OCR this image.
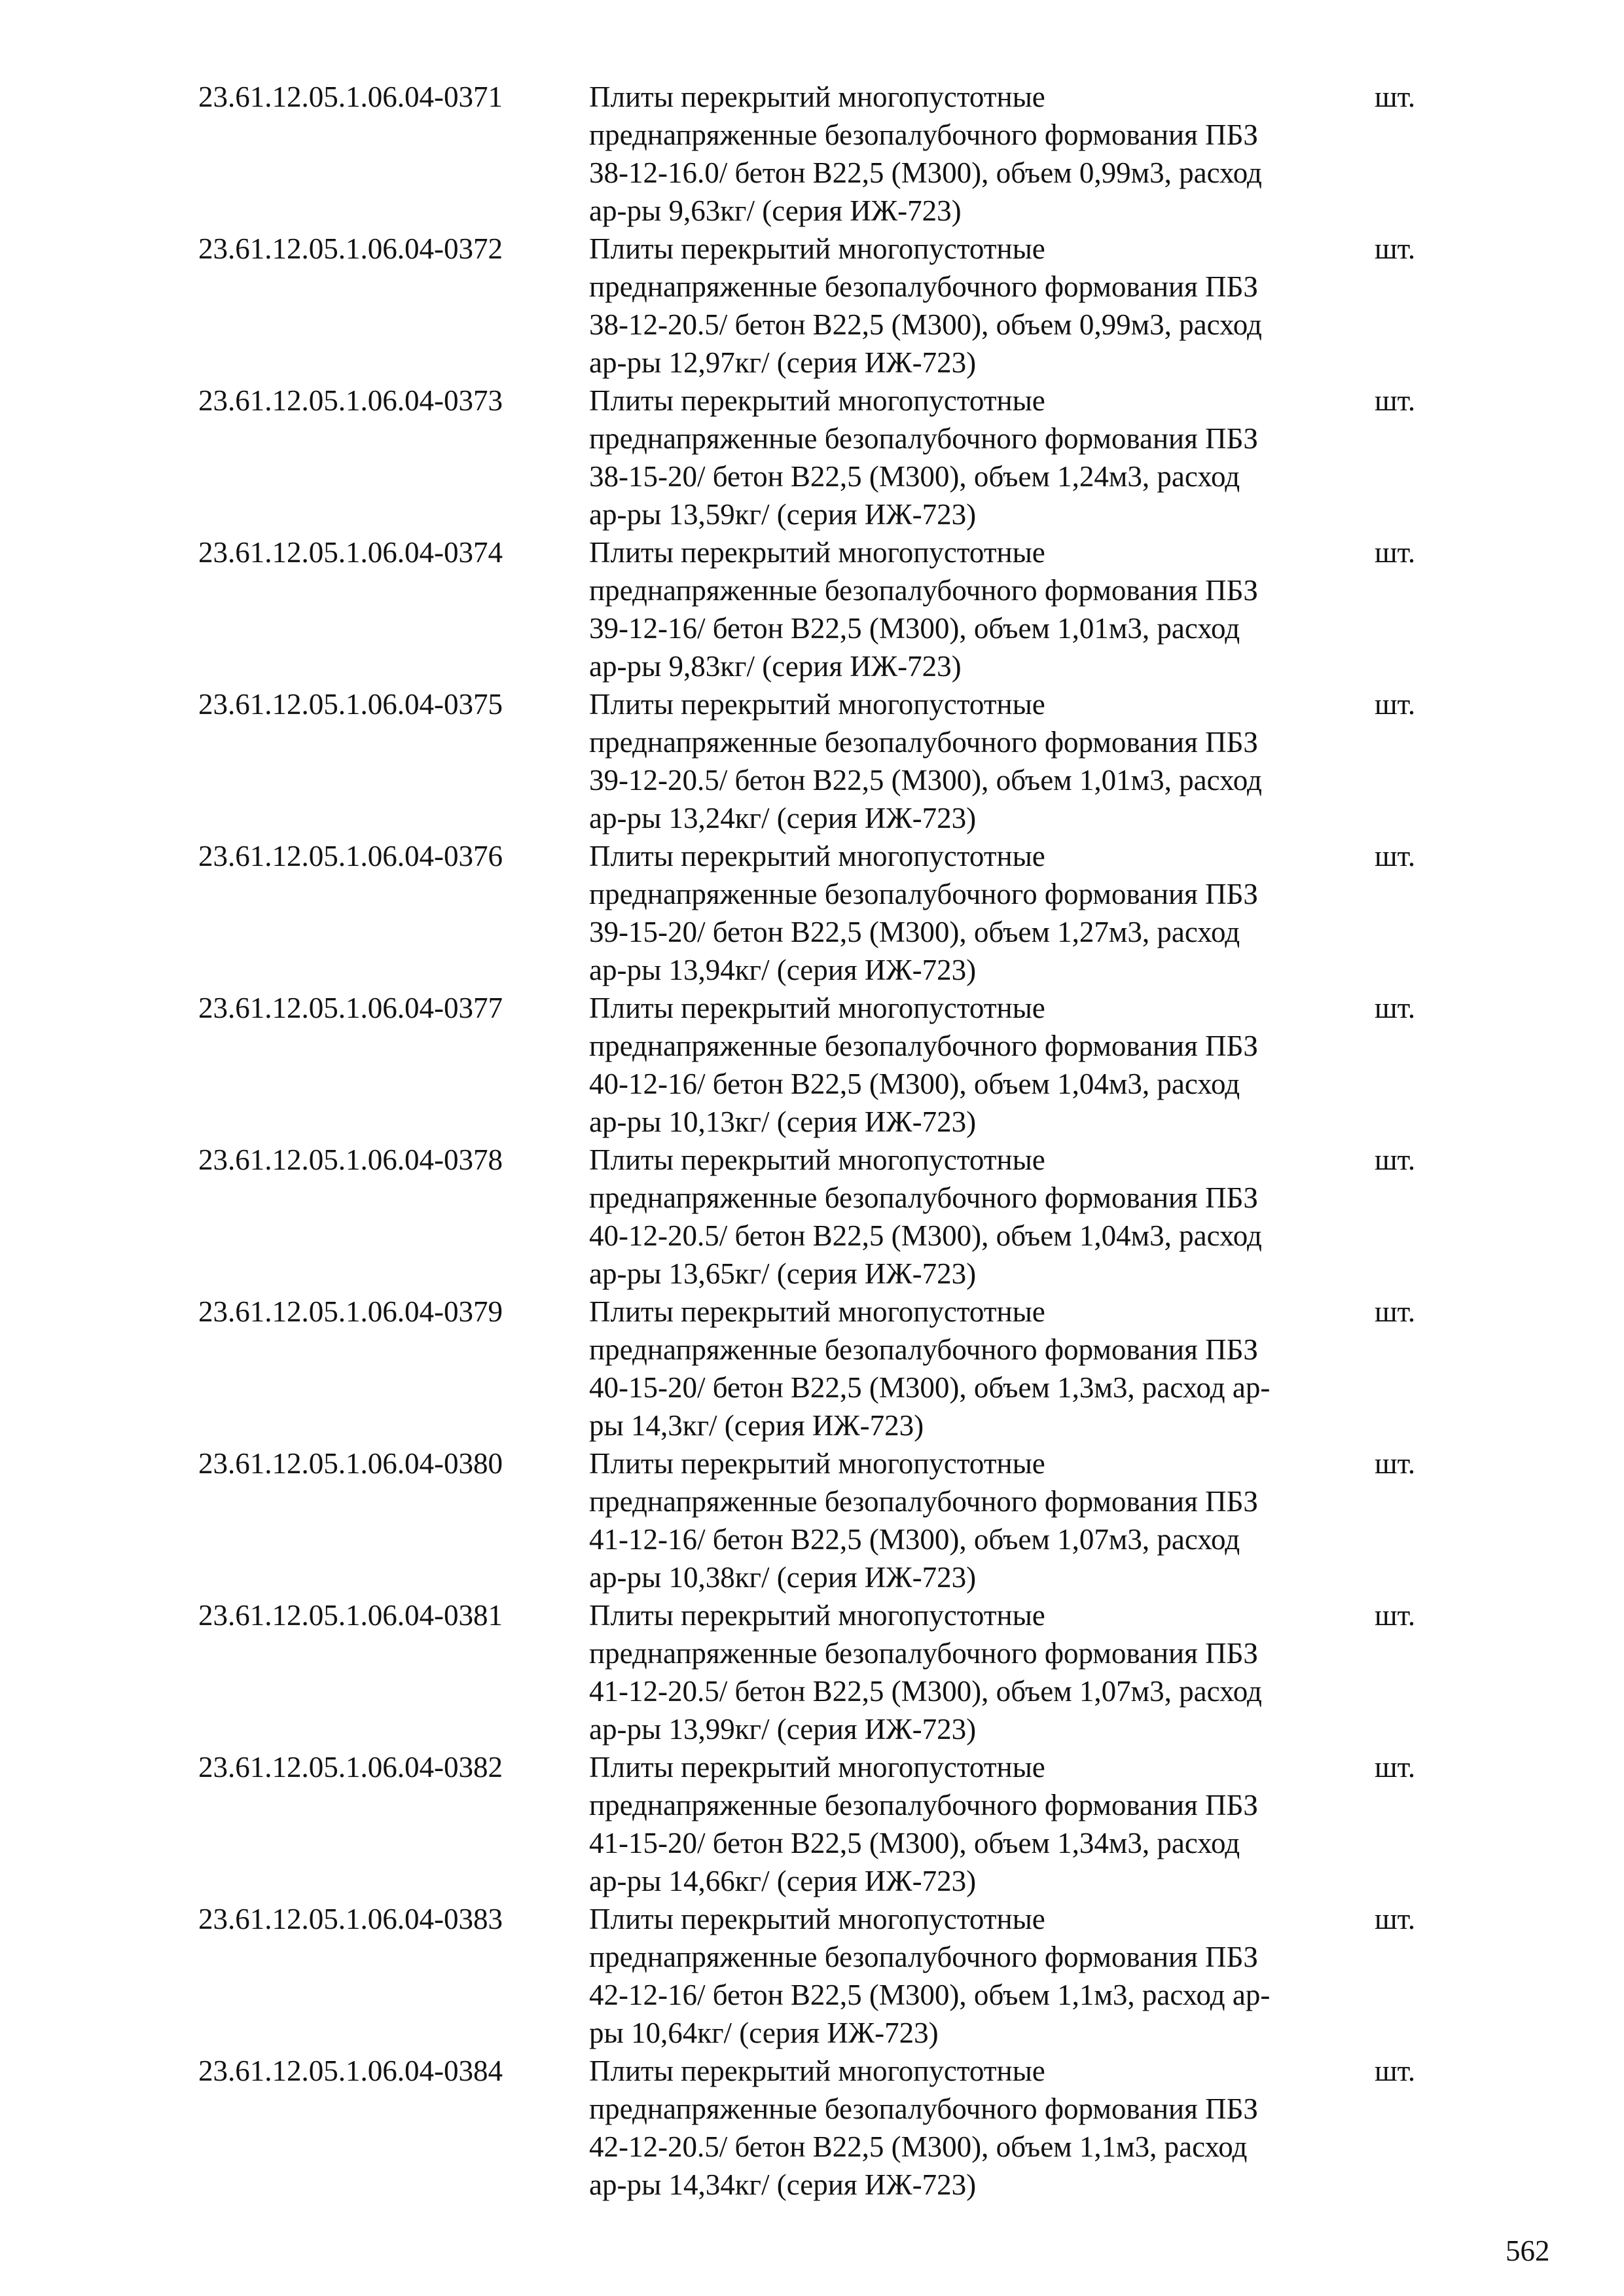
23.61.12.05.1.06.04-0371	Плиты перекрытий многопустотные
преднапряженные безопалубочного формования ПБЗ
38-12-16.0/ бетон В22,5 (М300), объем 0,99м3, расход
ар-ры 9,63кг/ (серия ИЖ-723)
шт.
23.61.12.05.1.06.04-0372	Плиты перекрытий многопустотные
преднапряженные безопалубочного формования ПБЗ
38-12-20.5/ бетон В22,5 (М300), объем 0,99м3, расход
ар-ры 12,97кг/ (серия ИЖ-723)
шт.
23.61.12.05.1.06.04-0373	Плиты перекрытий многопустотные
преднапряженные безопалубочного формования ПБЗ
38-15-20/ бетон В22,5 (М300), объем 1,24м3, расход
ар-ры 13,59кг/ (серия ИЖ-723)
шт.
23.61.12.05.1.06.04-0374	Плиты перекрытий многопустотные
преднапряженные безопалубочного формования ПБЗ
39-12-16/ бетон В22,5 (М300), объем 1,01м3, расход
ар-ры 9,83кг/ (серия ИЖ-723)
шт.
23.61.12.05.1.06.04-0375	Плиты перекрытий многопустотные
преднапряженные безопалубочного формования ПБЗ
39-12-20.5/ бетон В22,5 (М300), объем 1,01м3, расход
ар-ры 13,24кг/ (серия ИЖ-723)
шт.
23.61.12.05.1.06.04-0376	Плиты перекрытий многопустотные
преднапряженные безопалубочного формования ПБЗ
39-15-20/ бетон В22,5 (М300), объем 1,27м3, расход
ар-ры 13,94кг/ (серия ИЖ-723)
шт.
23.61.12.05.1.06.04-0377	Плиты перекрытий многопустотные
преднапряженные безопалубочного формования ПБЗ
40-12-16/ бетон В22,5 (М300), объем 1,04м3, расход
ар-ры 10,13кг/ (серия ИЖ-723)
шт.
23.61.12.05.1.06.04-0378	Плиты перекрытий многопустотные
преднапряженные безопалубочного формования ПБЗ
40-12-20.5/ бетон В22,5 (М300), объем 1,04м3, расход
ар-ры 13,65кг/ (серия ИЖ-723)
шт.
23.61.12.05.1.06.04-0379	Плиты перекрытий многопустотные
преднапряженные безопалубочного формования ПБЗ
40-15-20/ бетон В22,5 (М300), объем 1,3м3, расход ар-
ры 14,3кг/ (серия ИЖ-723)
шт.
23.61.12.05.1.06.04-0380	Плиты перекрытий многопустотные
преднапряженные безопалубочного формования ПБЗ
41-12-16/ бетон В22,5 (М300), объем 1,07м3, расход
ар-ры 10,38кг/ (серия ИЖ-723)
шт.
23.61.12.05.1.06.04-0381	Плиты перекрытий многопустотные
преднапряженные безопалубочного формования ПБЗ
41-12-20.5/ бетон В22,5 (М300), объем 1,07м3, расход
ар-ры 13,99кг/ (серия ИЖ-723)
шт.
23.61.12.05.1.06.04-0382	Плиты перекрытий многопустотные
преднапряженные безопалубочного формования ПБЗ
41-15-20/ бетон В22,5 (М300), объем 1,34м3, расход
ар-ры 14,66кг/ (серия ИЖ-723)
шт.
23.61.12.05.1.06.04-0383	Плиты перекрытий многопустотные
преднапряженные безопалубочного формования ПБЗ
42-12-16/ бетон В22,5 (М300), объем 1,1м3, расход ар-
ры 10,64кг/ (серия ИЖ-723)
шт.
23.61.12.05.1.06.04-0384	Плиты перекрытий многопустотные
преднапряженные безопалубочного формования ПБЗ
42-12-20.5/ бетон В22,5 (М300), объем 1,1м3, расход
ар-ры 14,34кг/ (серия ИЖ-723)
шт.
562
